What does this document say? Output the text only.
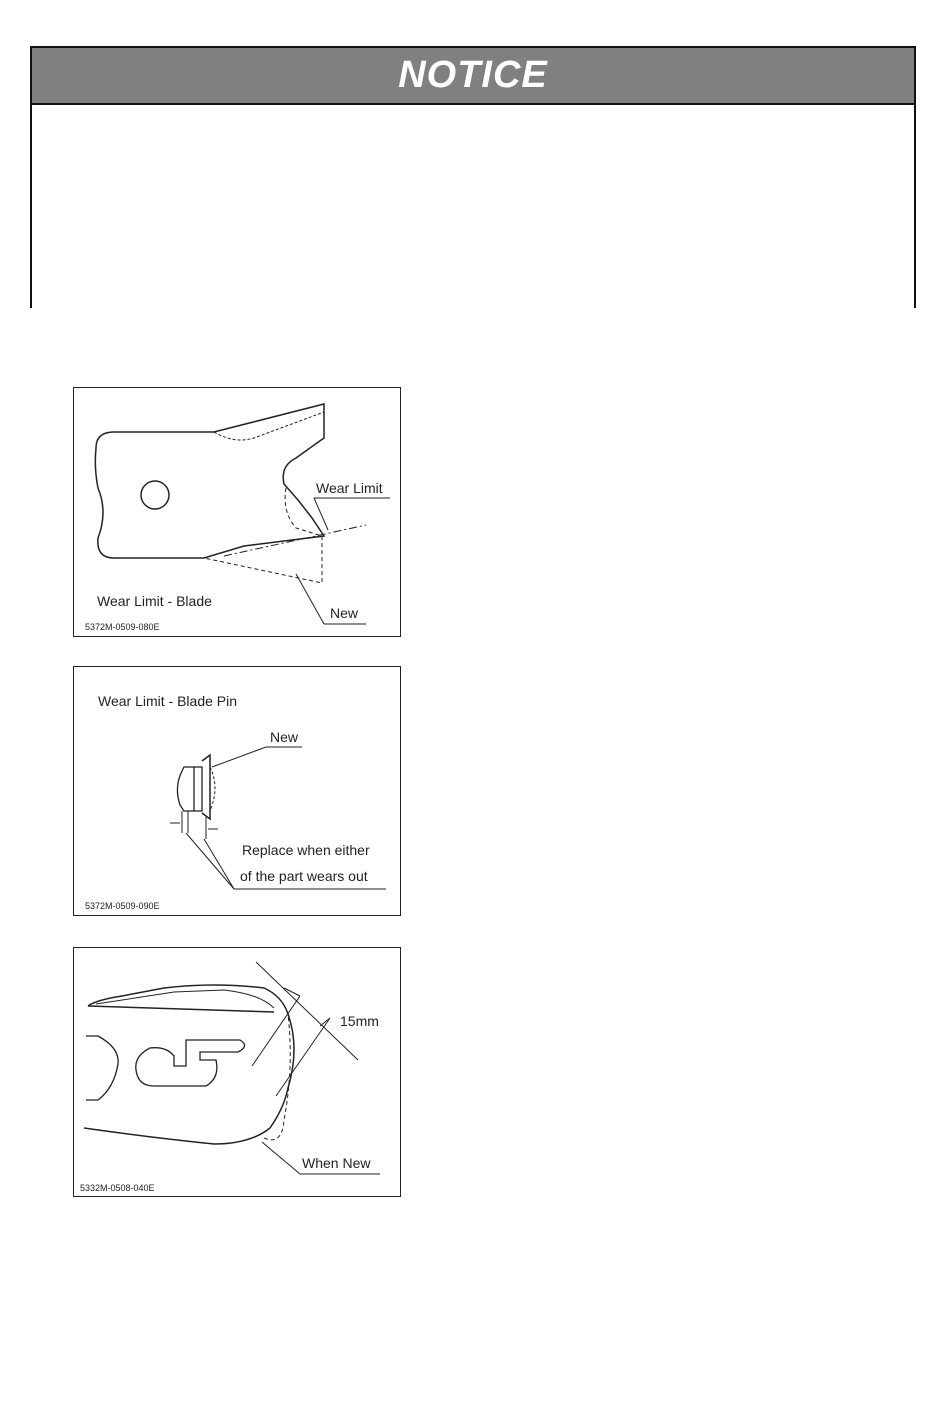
NOTICE
Wear Limit
New
Wear Limit - Blade
5372M-0509-080E
Wear Limit - Blade Pin
New
Replace when either
of the part wears out
5372M-0509-090E
15mm
When New
5332M-0508-040E
